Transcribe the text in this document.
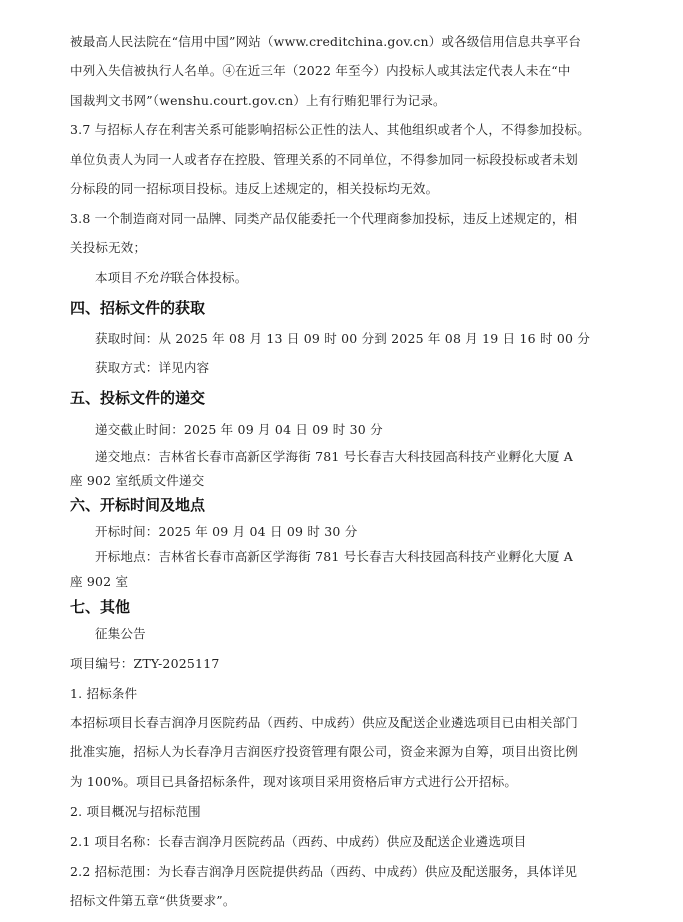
被最高人民法院在“信用中国”网站（www.creditchina.gov.cn）或各级信用信息共享平台
中列入失信被执行人名单。④在近三年（2022 年至今）内投标人或其法定代表人未在“中
国裁判文书网”（wenshu.court.gov.cn）上有行贿犯罪行为记录。
3.7 与招标人存在利害关系可能影响招标公正性的法人、其他组织或者个人，不得参加投标。
单位负责人为同一人或者存在控股、管理关系的不同单位，不得参加同一标段投标或者未划
分标段的同一招标项目投标。违反上述规定的，相关投标均无效。
3.8 一个制造商对同一品牌、同类产品仅能委托一个代理商参加投标，违反上述规定的，相
关投标无效；
本项目不允许联合体投标。
四、招标文件的获取
获取时间：从 2025 年 08 月 13 日 09 时 00 分到 2025 年 08 月 19 日 16 时 00 分
获取方式：详见内容
五、投标文件的递交
递交截止时间：2025 年 09 月 04 日 09 时 30 分
递交地点：吉林省长春市高新区学海街 781 号长春吉大科技园高科技产业孵化大厦 A
座 902 室纸质文件递交
六、开标时间及地点
开标时间：2025 年 09 月 04 日 09 时 30 分
开标地点：吉林省长春市高新区学海街 781 号长春吉大科技园高科技产业孵化大厦 A
座 902 室
七、其他
征集公告
项目编号：ZTY-2025117
1. 招标条件
本招标项目长春吉润净月医院药品（西药、中成药）供应及配送企业遴选项目已由相关部门
批准实施，招标人为长春净月吉润医疗投资管理有限公司，资金来源为自筹，项目出资比例
为 100%。项目已具备招标条件，现对该项目采用资格后审方式进行公开招标。
2. 项目概况与招标范围
2.1 项目名称：长春吉润净月医院药品（西药、中成药）供应及配送企业遴选项目
2.2 招标范围：为长春吉润净月医院提供药品（西药、中成药）供应及配送服务，具体详见
招标文件第五章“供货要求”。
